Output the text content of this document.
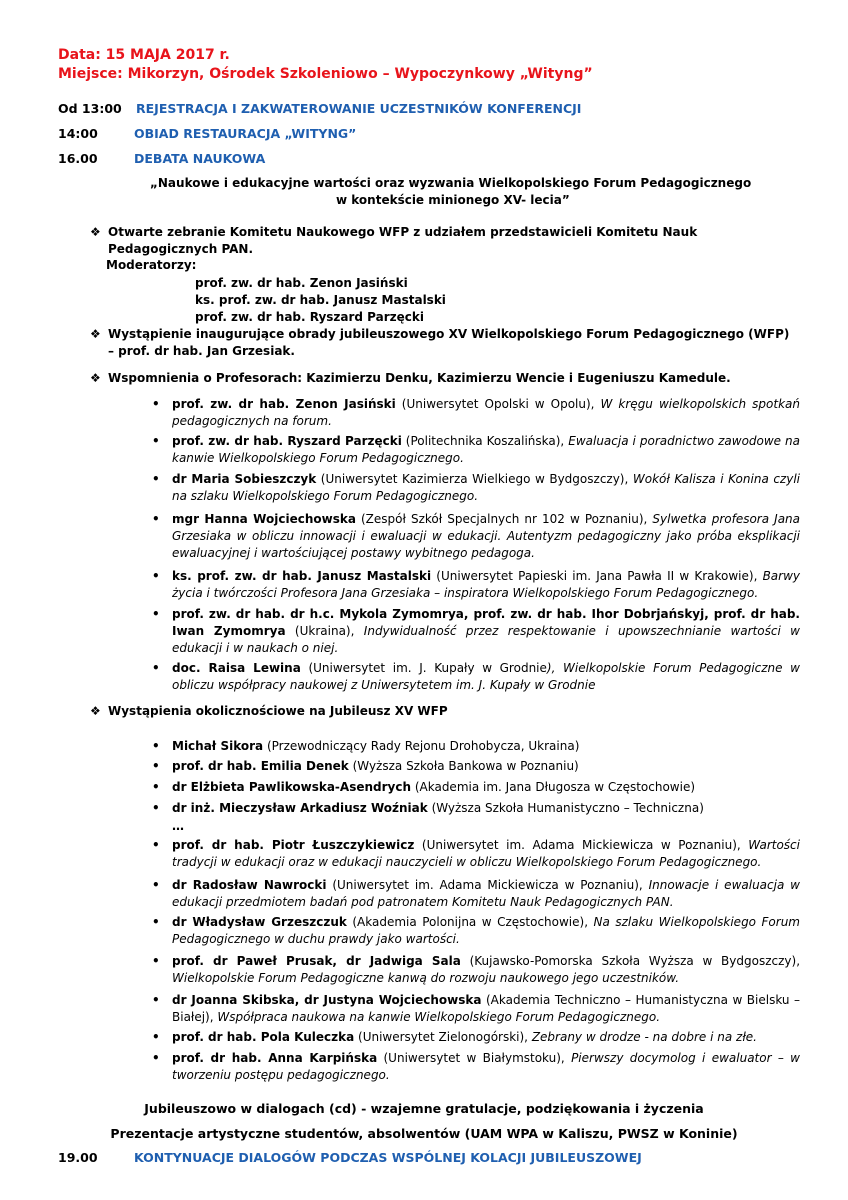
Data: 15 MAJA 2017 r.
Miejsce: Mikorzyn, Ośrodek Szkoleniowo – Wypoczynkowy „Wityng”
Od 13:00 REJESTRACJA I ZAKWATEROWANIE UCZESTNIKÓW KONFERENCJI
14:00	OBIAD RESTAURACJA „WITYNG”
16.00	DEBATA NAUKOWA
„Naukowe i edukacyjne wartości oraz wyzwania Wielkopolskiego Forum Pedagogicznego
w kontekście minionego XV- lecia”
❖ Otwarte zebranie Komitetu Naukowego WFP z udziałem przedstawicieli Komitetu Nauk
Pedagogicznych PAN.
Moderatorzy:
prof. zw. dr hab. Zenon Jasiński
ks. prof. zw. dr hab. Janusz Mastalski
prof. zw. dr hab. Ryszard Parzęcki
❖ Wystąpienie inaugurujące obrady jubileuszowego XV Wielkopolskiego Forum Pedagogicznego (WFP)
– prof. dr hab. Jan Grzesiak.
❖ Wspomnienia o Profesorach: Kazimierzu Denku, Kazimierzu Wencie i Eugeniuszu Kamedule.
• prof. zw. dr hab. Zenon Jasiński (Uniwersytet Opolski w Opolu), W kręgu wielkopolskich spotkań pedagogicznych na forum.
• prof. zw. dr hab. Ryszard Parzęcki (Politechnika Koszalińska), Ewaluacja i poradnictwo zawodowe na kanwie Wielkopolskiego Forum Pedagogicznego.
• dr Maria Sobieszczyk (Uniwersytet Kazimierza Wielkiego w Bydgoszczy), Wokół Kalisza i Konina czyli na szlaku Wielkopolskiego Forum Pedagogicznego.
• mgr Hanna Wojciechowska (Zespół Szkół Specjalnych nr 102 w Poznaniu), Sylwetka profesora Jana Grzesiaka w obliczu innowacji i ewaluacji w edukacji. Autentyzm pedagogiczny jako próba eksplikacji ewaluacyjnej i wartościującej postawy wybitnego pedagoga.
• ks. prof. zw. dr hab. Janusz Mastalski (Uniwersytet Papieski im. Jana Pawła II w Krakowie), Barwy życia i twórczości Profesora Jana Grzesiaka – inspiratora Wielkopolskiego Forum Pedagogicznego.
• prof. zw. dr hab. dr h.c. Mykola Zymomrya, prof. zw. dr hab. Ihor Dobrjańskyj, prof. dr hab. Iwan Zymomrya (Ukraina), Indywidualność przez respektowanie i upowszechnianie wartości w edukacji i w naukach o niej.
• doc. Raisa Lewina (Uniwersytet im. J. Kupały w Grodnie), Wielkopolskie Forum Pedagogiczne w obliczu współpracy naukowej z Uniwersytetem im. J. Kupały w Grodnie
❖ Wystąpienia okolicznościowe na Jubileusz XV WFP
• Michał Sikora (Przewodniczący Rady Rejonu Drohobycza, Ukraina)
• prof. dr hab. Emilia Denek (Wyższa Szkoła Bankowa w Poznaniu)
• dr Elżbieta Pawlikowska-Asendrych (Akademia im. Jana Długosza w Częstochowie)
• dr inż. Mieczysław Arkadiusz Woźniak (Wyższa Szkoła Humanistyczno – Techniczna)
…
• prof. dr hab. Piotr Łuszczykiewicz (Uniwersytet im. Adama Mickiewicza w Poznaniu), Wartości tradycji w edukacji oraz w edukacji nauczycieli w obliczu Wielkopolskiego Forum Pedagogicznego.
• dr Radosław Nawrocki (Uniwersytet im. Adama Mickiewicza w Poznaniu), Innowacje i ewaluacja w edukacji przedmiotem badań pod patronatem Komitetu Nauk Pedagogicznych PAN.
• dr Władysław Grzeszczuk (Akademia Polonijna w Częstochowie), Na szlaku Wielkopolskiego Forum Pedagogicznego w duchu prawdy jako wartości.
• prof. dr Paweł Prusak, dr Jadwiga Sala (Kujawsko-Pomorska Szkoła Wyższa w Bydgoszczy), Wielkopolskie Forum Pedagogiczne kanwą do rozwoju naukowego jego uczestników.
• dr Joanna Skibska, dr Justyna Wojciechowska (Akademia Techniczno – Humanistyczna w Bielsku – Białej), Współpraca naukowa na kanwie Wielkopolskiego Forum Pedagogicznego.
• prof. dr hab. Pola Kuleczka (Uniwersytet Zielonogórski), Zebrany w drodze - na dobre i na złe.
• prof. dr hab. Anna Karpińska (Uniwersytet w Białymstoku), Pierwszy docymolog i ewaluator – w tworzeniu postępu pedagogicznego.
Jubileuszowo w dialogach (cd) - wzajemne gratulacje, podziękowania i życzenia
Prezentacje artystyczne studentów, absolwentów (UAM WPA w Kaliszu, PWSZ w Koninie)
19.00	KONTYNUACJE DIALOGÓW PODCZAS WSPÓLNEJ KOLACJI JUBILEUSZOWEJ
